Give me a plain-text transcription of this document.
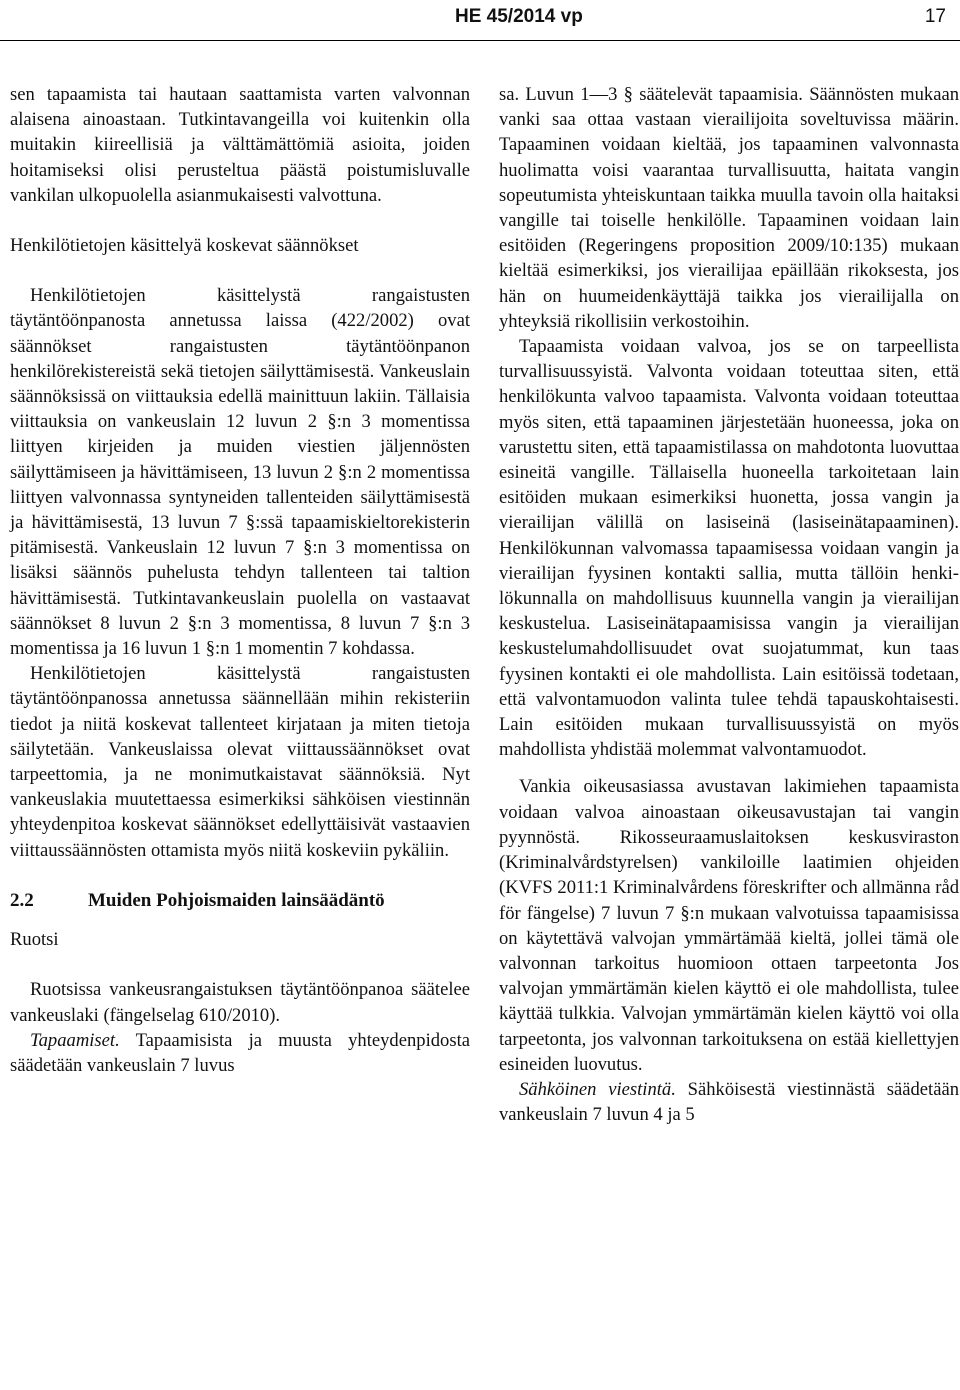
HE 45/2014 vp	17

sen tapaamista tai hautaan saattamista varten valvonnan alaisena ainoastaan. Tutkintavangeilla voi kuitenkin olla muitakin kiireellisiä ja välttämättömiä asioita, joiden hoitamiseksi olisi perusteltua päästä poistumisluvalle vankilan ulkopuolella asianmukaisesti valvottuna.

Henkilötietojen käsittelyä koskevat säännökset

Henkilötietojen käsittelystä rangaistusten täytäntöönpanosta annetussa laissa (422/2002) ovat säännökset rangaistusten täytäntöönpanon henkilörekistereistä sekä tietojen säilyttämisestä. Vankeuslain säännöksissä on viittauksia edellä mainittuun lakiin. Tällaisia viittauksia on vankeuslain 12 luvun 2 §:n 3 momentissa liittyen kirjeiden ja muiden viestien jäljennösten säilyttämiseen ja hävittämiseen, 13 luvun 2 §:n 2 momentissa liittyen valvonnassa syntyneiden tallenteiden säilyttämisestä ja hävittämisestä, 13 luvun 7 §:ssä tapaamiskieltorekisterin pitämisestä. Vankeuslain 12 luvun 7 §:n 3 momentissa on lisäksi säännös puhelusta tehdyn tallenteen tai taltion hävittämisestä. Tutkintavankeuslain puolella on vastaavat säännökset 8 luvun 2 §:n 3 momentissa, 8 luvun 7 §:n 3 momentissa ja 16 luvun 1 §:n 1 momentin 7 kohdassa.

Henkilötietojen käsittelystä rangaistusten täytäntöönpanossa annetussa säännellään mihin rekisteriin tiedot ja niitä koskevat tallenteet kirjataan ja miten tietoja säilytetään. Vankeuslaissa olevat viittaussäännökset ovat tarpeettomia, ja ne monimutkaistavat säännöksiä. Nyt vankeuslakia muutettaessa esimerkiksi sähköisen viestinnän yhteydenpitoa koskevat säännökset edellyttäisivät vastaavien viittaussäännösten ottamista myös niitä koskeviin pykäliin.

2.2	Muiden Pohjoismaiden lainsäädäntö

Ruotsi

Ruotsissa vankeusrangaistuksen täytäntöönpanoa säätelee vankeuslaki (fängelselag 610/2010).

Tapaamiset. Tapaamisista ja muusta yhteydenpidosta säädetään vankeuslain 7 luvus

sa. Luvun 1—3 § säätelevät tapaamisia. Säännösten mukaan vanki saa ottaa vastaan vierailijoita soveltuvissa määrin. Tapaaminen voidaan kieltää, jos tapaaminen valvonnasta huolimatta voisi vaarantaa turvallisuutta, haitata vangin sopeutumista yhteiskuntaan taikka muulla tavoin olla haitaksi vangille tai toiselle henkilölle. Tapaaminen voidaan lain esitöiden (Regeringens proposition 2009/10:135) mukaan kieltää esimerkiksi, jos vierailijaa epäillään rikoksesta, jos hän on huumeidenkäyttäjä taikka jos vierailijalla on yhteyksiä rikollisiin verkostoihin.

Tapaamista voidaan valvoa, jos se on tarpeellista turvallisuussyistä. Valvonta voidaan toteuttaa siten, että henkilökunta valvoo tapaamista. Valvonta voidaan toteuttaa myös siten, että tapaaminen järjestetään huoneessa, joka on varustettu siten, että tapaamistilassa on mahdotonta luovuttaa esineitä vangille. Tällaisella huoneella tarkoitetaan lain esitöiden mukaan esimerkiksi huonetta, jossa vangin ja vierailijan välillä on lasiseinä (lasiseinätapaaminen). Henkilökunnan valvomassa tapaamisessa voidaan vangin ja vierailijan fyysinen kontakti sallia, mutta tällöin henkilökunnalla on mahdollisuus kuunnella vangin ja vierailijan keskustelua. Lasiseinätapaamisissa vangin ja vierailijan keskustelumahdollisuudet ovat suojatummat, kun taas fyysinen kontakti ei ole mahdollista. Lain esitöissä todetaan, että valvontamuodon valinta tulee tehdä tapauskohtaisesti. Lain esitöiden mukaan turvallisuussyistä on myös mahdollista yhdistää molemmat valvontamuodot.

Vankia oikeusasiassa avustavan lakimiehen tapaamista voidaan valvoa ainoastaan oikeusavustajan tai vangin pyynnöstä. Rikosseuraamuslaitoksen keskusviraston (Kriminalvårdstyrelsen) vankiloille laatimien ohjeiden (KVFS 2011:1 Kriminalvårdens föreskrifter och allmänna råd för fängelse) 7 luvun 7 §:n mukaan valvotuissa tapaamisissa on käytettävä valvojan ymmärtämää kieltä, jollei tämä ole valvonnan tarkoitus huomioon ottaen tarpeetonta Jos valvojan ymmärtämän kielen käyttö ei ole mahdollista, tulee käyttää tulkkia. Valvojan ymmärtämän kielen käyttö voi olla tarpeetonta, jos valvonnan tarkoituksena on estää kiellettyjen esineiden luovutus.

Sähköinen viestintä. Sähköisestä viestinnästä säädetään vankeuslain 7 luvun 4 ja 5
